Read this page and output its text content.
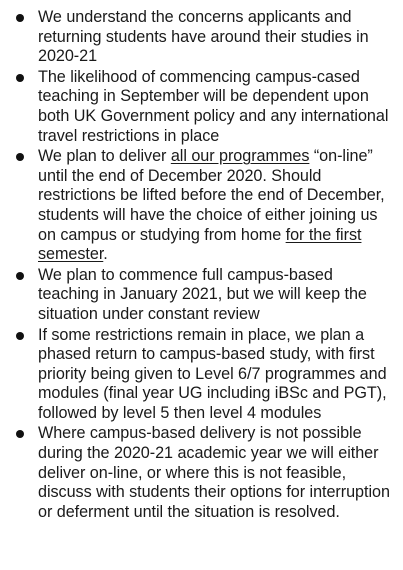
We understand the concerns applicants and returning students have around their studies in 2020-21
The likelihood of commencing campus-cased teaching in September will be dependent upon both UK Government policy and any international travel restrictions in place
We plan to deliver all our programmes “on-line” until the end of December 2020. Should restrictions be lifted before the end of December, students will have the choice of either joining us on campus or studying from home for the first semester.
We plan to commence full campus-based teaching in January 2021, but we will keep the situation under constant review
If some restrictions remain in place, we plan a phased return to campus-based study, with first priority being given to Level 6/7 programmes and modules (final year UG including iBSc and PGT), followed by level 5 then level 4 modules
Where campus-based delivery is not possible during the 2020-21 academic year we will either deliver on-line, or where this is not feasible, discuss with students their options for interruption or deferment until the situation is resolved.
